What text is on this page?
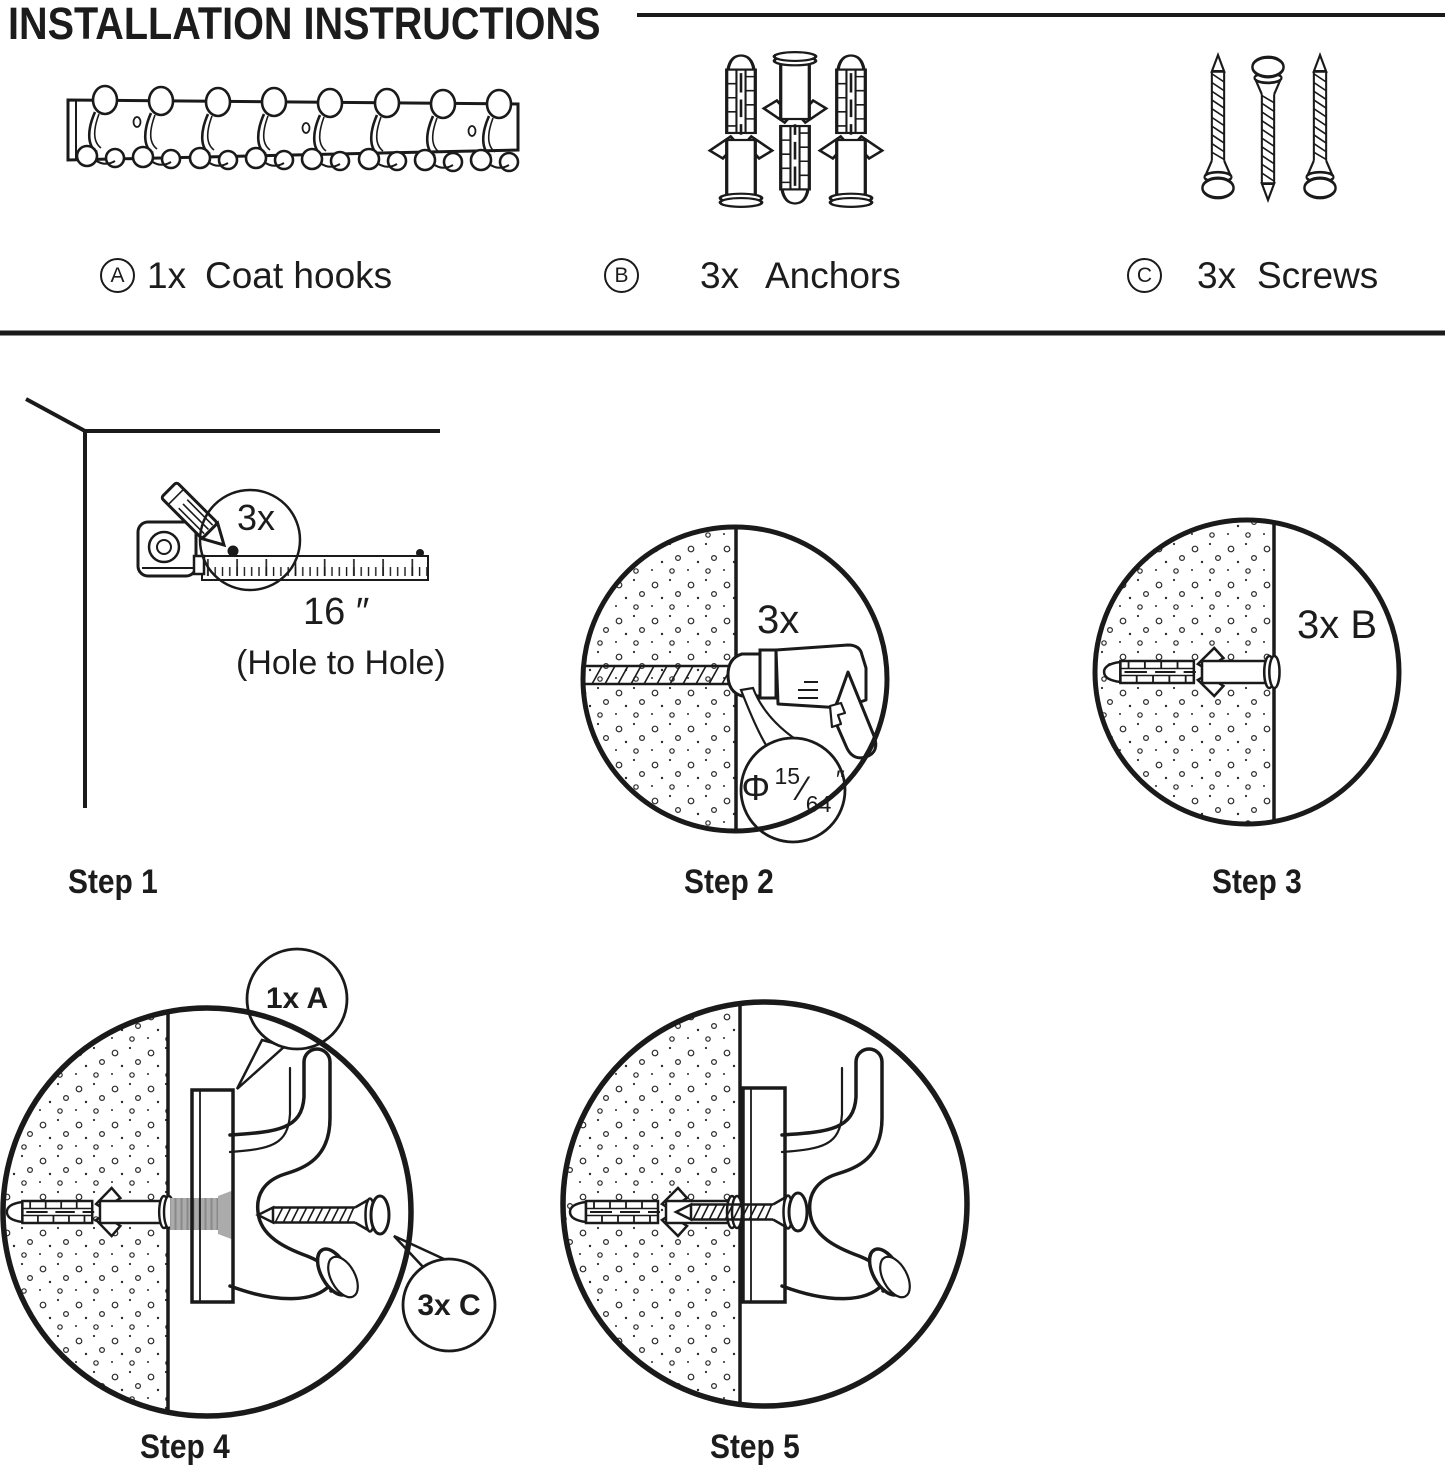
INSTALLATION INSTRUCTIONS
A 1x Coat hooks	B 3x Anchors	C 3x Screws
3x
16 ″
(Hole to Hole)
3x
Φ $^{15}⁄_{64}$ ″
3x B
1x A
3x C
Step 1	Step 2	Step 3
Step 4	Step 5
